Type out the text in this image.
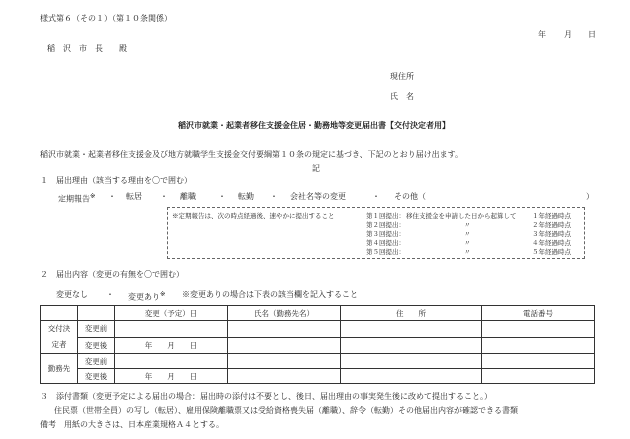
様式第６（その１）（第１０条関係）
年 月 日
稲　沢　市　長　　殿
現住所
氏　名
稲沢市就業・起業者移住支援金住居・勤務地等変更届出書【交付決定者用】
稲沢市就業・起業者移住支援金及び地方就職学生支援金交付要綱第１０条の規定に基づき、下記のとおり届け出ます。
記
１　届出理由（該当する理由を〇で囲む）
定期報告※ ・ 転居 ・ 離職	・ 転勤 ・ 会社名等の変更	・ その他（	）
※定期報告は、次の時点経過後、速やかに提出すること	第１回提出： 移住支援金を申請した日から起算して １年経過時点
第２回提出：	〃	２年経過時点
第３回提出：	〃	３年経過時点
第４回提出：	〃	４年経過時点
第５回提出：	〃	５年経過時点
２　届出内容（変更の有無を〇で囲む）
変更なし ・ 変更あり※ ※変更ありの場合は下表の該当欄を記入すること
		変更（予定）日	氏名（勤務先名）	住　　所	電話番号
交付決
定者	変更前				
	変更後	年　　月　　日			
勤務先	変更前				
	変更後	年　　月　　日			
３　添付書類（変更予定による届出の場合：届出時の添付は不要とし、後日、届出理由の事実発生後に改めて提出すること。）
住民票（世帯全員）の写し（転居）、雇用保険離職票又は受給資格喪失届（離職）、辞令（転勤）その他届出内容が確認できる書類
備考　用紙の大きさは、日本産業規格Ａ４とする。
